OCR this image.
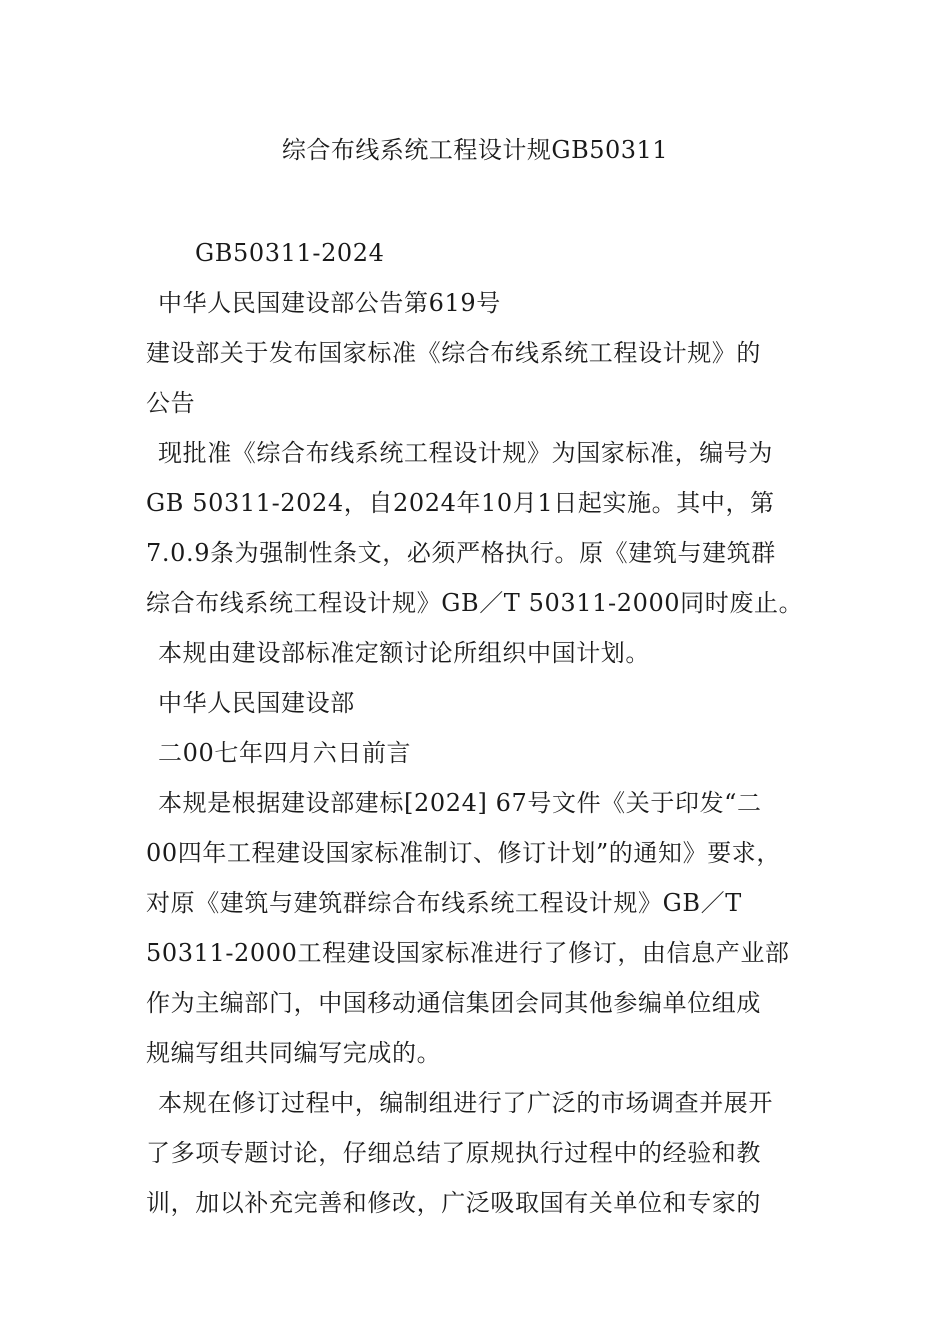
综合布线系统工程设计规GB50311
GB50311-2024
中华人民国建设部公告第619号
建设部关于发布国家标准《综合布线系统工程设计规》的
公告
现批准《综合布线系统工程设计规》为国家标准，编号为
GB 50311-2024，自2024年10月1日起实施。其中，第
7.0.9条为强制性条文，必须严格执行。原《建筑与建筑群
综合布线系统工程设计规》GB／T 50311-2000同时废止。
本规由建设部标准定额讨论所组织中国计划。
中华人民国建设部
二00七年四月六日前言
本规是根据建设部建标[2024] 67号文件《关于印发“二
00四年工程建设国家标准制订、修订计划”的通知》要求，
对原《建筑与建筑群综合布线系统工程设计规》GB／T
50311-2000工程建设国家标准进行了修订，由信息产业部
作为主编部门，中国移动通信集团会同其他参编单位组成
规编写组共同编写完成的。
本规在修订过程中，编制组进行了广泛的市场调查并展开
了多项专题讨论，仔细总结了原规执行过程中的经验和教
训，加以补充完善和修改，广泛吸取国有关单位和专家的
